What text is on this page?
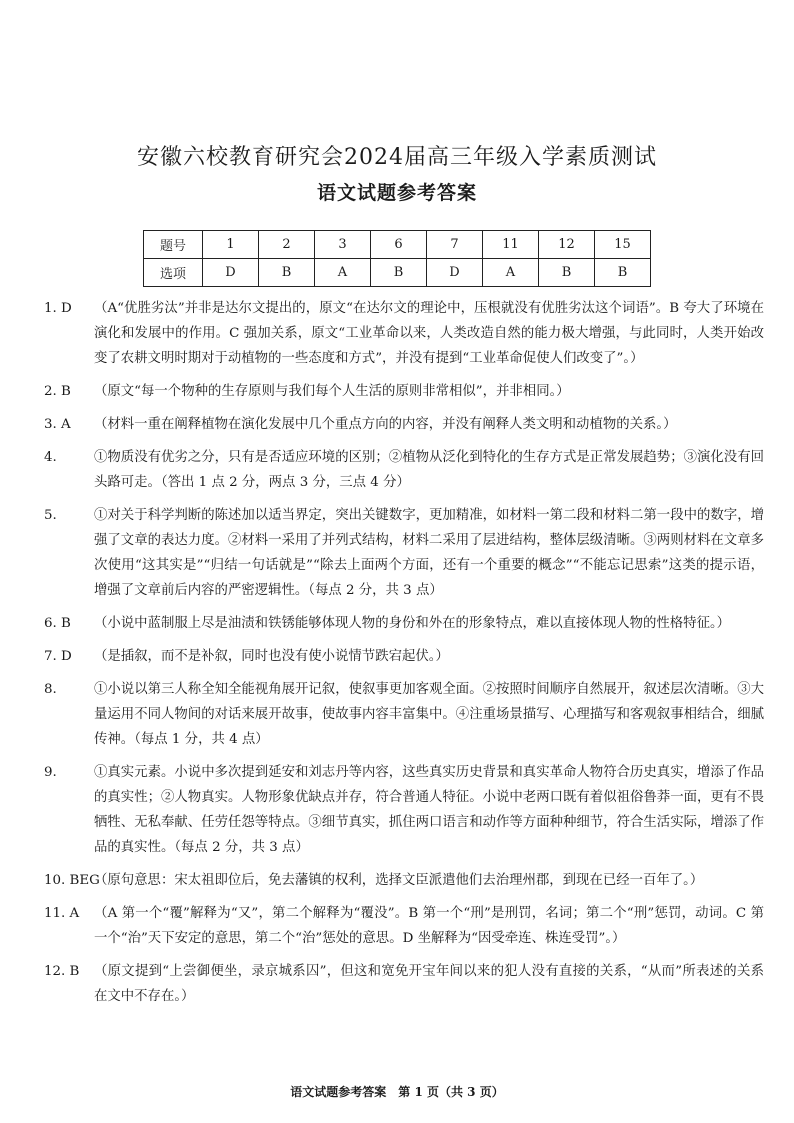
安徽六校教育研究会2024届高三年级入学素质测试
语文试题参考答案
题号	1	2	3	6	7	11	12	15
选项	D	B	A	B	D	A	B	B
1. D	（A“优胜劣汰”并非是达尔文提出的，原文“在达尔文的理论中，压根就没有优胜劣汰这个词语”。B 夸大了环境在演化和发展中的作用。C 强加关系，原文“工业革命以来，人类改造自然的能力极大增强，与此同时，人类开始改变了农耕文明时期对于动植物的一些态度和方式”，并没有提到“工业革命促使人们改变了”。）
2. B	（原文“每一个物种的生存原则与我们每个人生活的原则非常相似”，并非相同。）
3. A	（材料一重在阐释植物在演化发展中几个重点方向的内容，并没有阐释人类文明和动植物的关系。）
4.	①物质没有优劣之分，只有是否适应环境的区别；②植物从泛化到特化的生存方式是正常发展趋势；③演化没有回头路可走。（答出 1 点 2 分，两点 3 分，三点 4 分）
5.	①对关于科学判断的陈述加以适当界定，突出关键数字，更加精准，如材料一第二段和材料二第一段中的数字，增强了文章的表达力度。②材料一采用了并列式结构，材料二采用了层进结构，整体层级清晰。③两则材料在文章多次使用“这其实是”“归结一句话就是”“除去上面两个方面，还有一个重要的概念”“不能忘记思索”这类的提示语，增强了文章前后内容的严密逻辑性。（每点 2 分，共 3 点）
6. B	（小说中蓝制服上尽是油渍和铁锈能够体现人物的身份和外在的形象特点，难以直接体现人物的性格特征。）
7. D	（是插叙，而不是补叙，同时也没有使小说情节跌宕起伏。）
8.	①小说以第三人称全知全能视角展开记叙，使叙事更加客观全面。②按照时间顺序自然展开，叙述层次清晰。③大量运用不同人物间的对话来展开故事，使故事内容丰富集中。④注重场景描写、心理描写和客观叙事相结合，细腻传神。（每点 1 分，共 4 点）
9.	①真实元素。小说中多次提到延安和刘志丹等内容，这些真实历史背景和真实革命人物符合历史真实，增添了作品的真实性；②人物真实。人物形象优缺点并存，符合普通人特征。小说中老两口既有着似祖俗鲁莽一面，更有不畏牺牲、无私奉献、任劳任怨等特点。③细节真实，抓住两口语言和动作等方面种种细节，符合生活实际，增添了作品的真实性。（每点 2 分，共 3 点）
10. BEG
（原句意思：宋太祖即位后，免去藩镇的权利，选择文臣派遣他们去治理州郡，到现在已经一百年了。）
11. A	（A 第一个“覆”解释为“又”，第二个解释为“覆没”。B 第一个“刑”是刑罚，名词；第二个“刑”惩罚，动词。C 第一个“治”天下安定的意思，第二个“治”惩处的意思。D 坐解释为“因受牵连、株连受罚”。）
12. B	（原文提到“上尝御便坐，录京城系囚”，但这和宽免开宝年间以来的犯人没有直接的关系，“从而”所表述的关系在文中不存在。）
语文试题参考答案　第 1 页（共 3 页）
